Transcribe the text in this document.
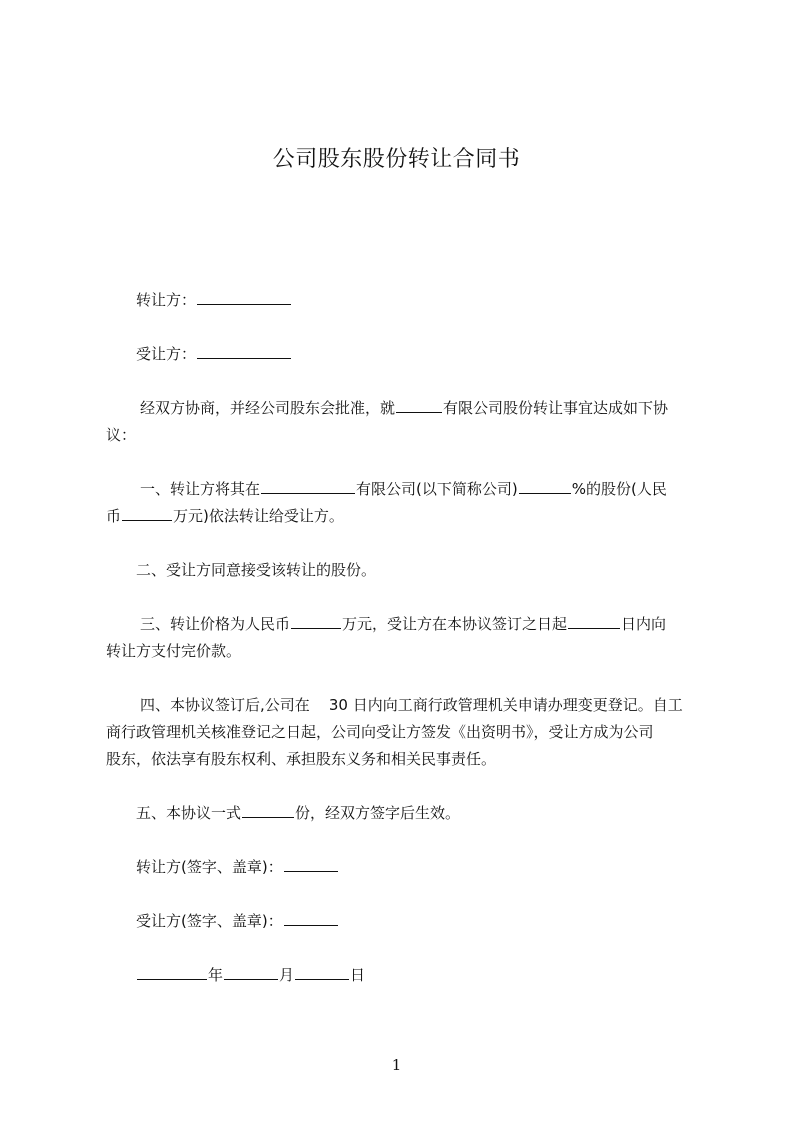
公司股东股份转让合同书
转让方：
受让方：
经双方协商，并经公司股东会批准，就	有限公司股份转让事宜达成如下协
议：
一、转让方将其在	有限公司(以下简称公司)	%的股份(人民
币	万元)依法转让给受让方。
二、受让方同意接受该转让的股份。
三、转让价格为人民币	万元，受让方在本协议签订之日起	日内向
转让方支付完价款。
四、本协议签订后,公司在    30 日内向工商行政管理机关申请办理变更登记。自工
商行政管理机关核准登记之日起，公司向受让方签发《出资明书》，受让方成为公司
股东，依法享有股东权利、承担股东义务和相关民事责任。
五、本协议一式	份，经双方签字后生效。
转让方(签字、盖章)：
受让方(签字、盖章)：
年	月	日
1
